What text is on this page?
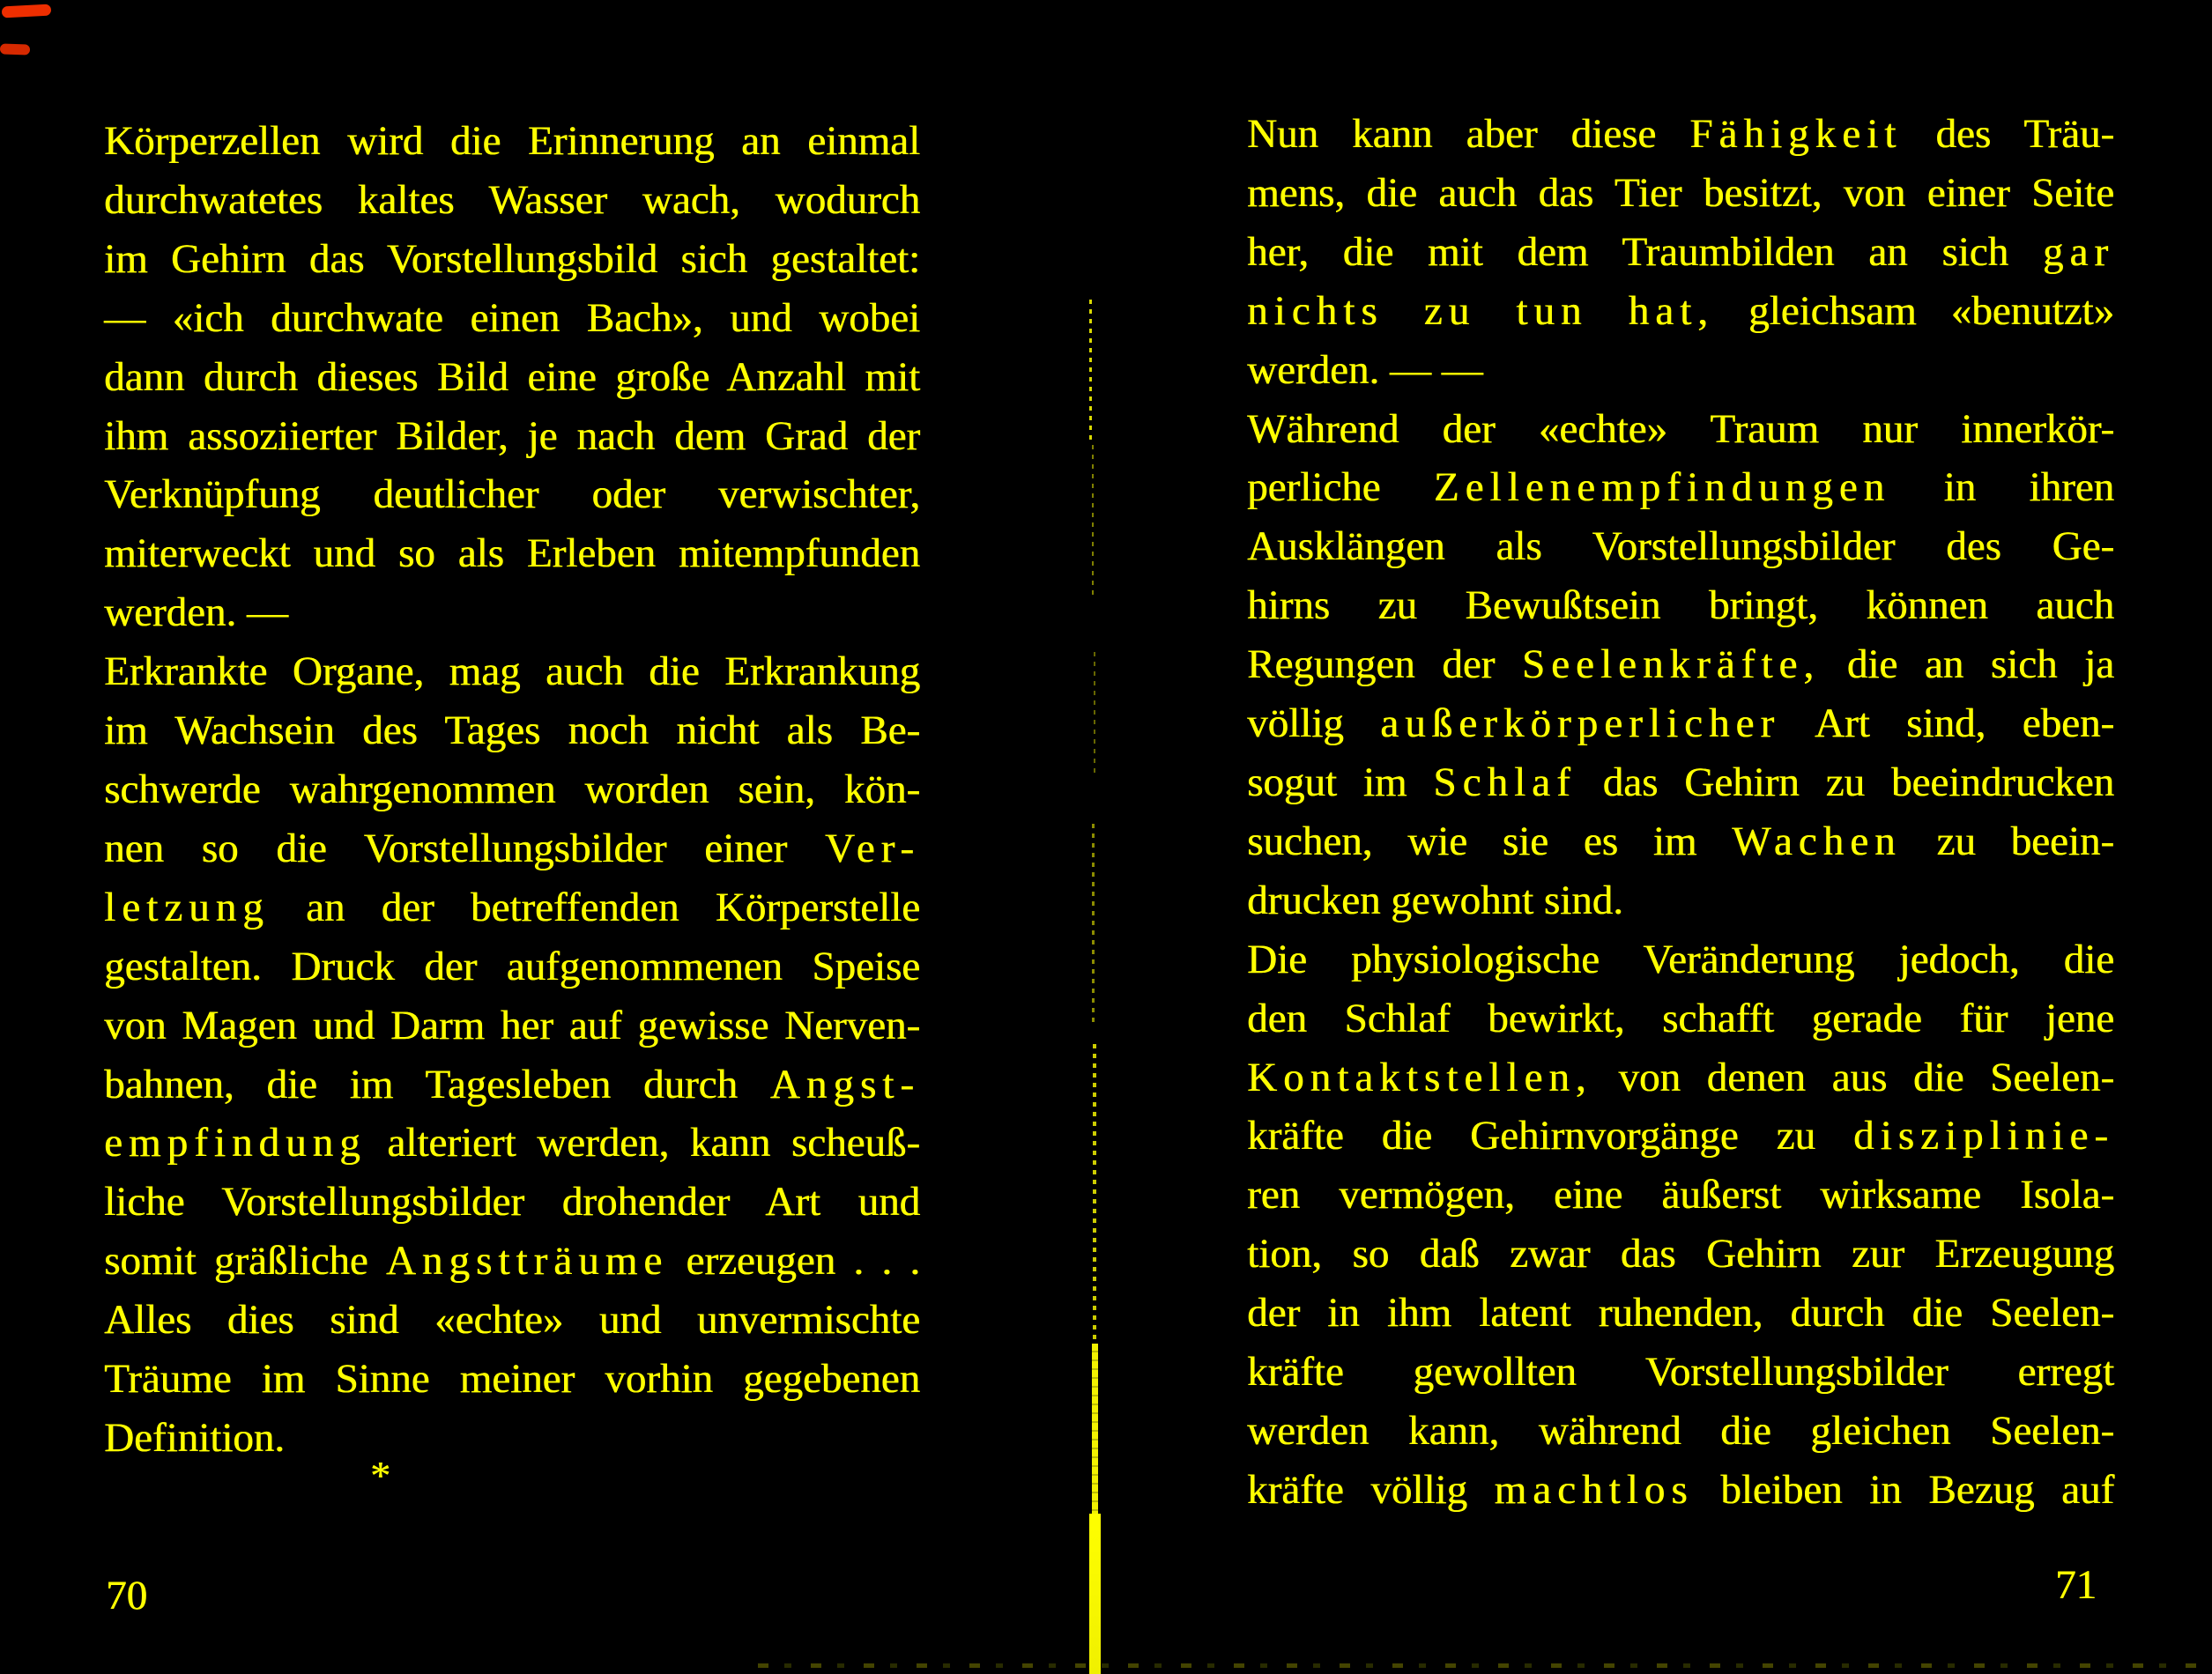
Körperzellen wird die Erinnerung an einmal
durchwatetes kaltes Wasser wach, wodurch
im Gehirn das Vorstellungsbild sich gestaltet:
— «ich durchwate einen Bach», und wobei
dann durch dieses Bild eine große Anzahl mit
ihm assoziierter Bilder, je nach dem Grad der
Verknüpfung deutlicher oder verwischter,
miterweckt und so als Erleben mitempfunden
werden. —
Erkrankte Organe, mag auch die Erkrankung
im Wachsein des Tages noch nicht als Be-
schwerde wahrgenommen worden sein, kön-
nen so die Vorstellungsbilder einer Ver-
letzung an der betreffenden Körperstelle
gestalten. Druck der aufgenommenen Speise
von Magen und Darm her auf gewisse Nerven-
bahnen, die im Tagesleben durch Angst-
empfindung alteriert werden, kann scheuß-
liche Vorstellungsbilder drohender Art und
somit gräßliche Angstträume erzeugen . . .
Alles dies sind «echte» und unvermischte
Träume im Sinne meiner vorhin gegebenen
Definition.
*
70
Nun kann aber diese Fähigkeit des Träu-
mens, die auch das Tier besitzt, von einer Seite
her, die mit dem Traumbilden an sich gar
nichts zu tun hat, gleichsam «benutzt»
werden. — —
Während der «echte» Traum nur innerkör-
perliche Zellenempfindungen in ihren
Ausklängen als Vorstellungsbilder des Ge-
hirns zu Bewußtsein bringt, können auch
Regungen der Seelenkräfte, die an sich ja
völlig außerkörperlicher Art sind, eben-
sogut im Schlaf das Gehirn zu beeindrucken
suchen, wie sie es im Wachen zu beein-
drucken gewohnt sind.
Die physiologische Veränderung jedoch, die
den Schlaf bewirkt, schafft gerade für jene
Kontaktstellen, von denen aus die Seelen-
kräfte die Gehirnvorgänge zu disziplinie-
ren vermögen, eine äußerst wirksame Isola-
tion, so daß zwar das Gehirn zur Erzeugung
der in ihm latent ruhenden, durch die Seelen-
kräfte gewollten Vorstellungsbilder erregt
werden kann, während die gleichen Seelen-
kräfte völlig machtlos bleiben in Bezug auf
71
